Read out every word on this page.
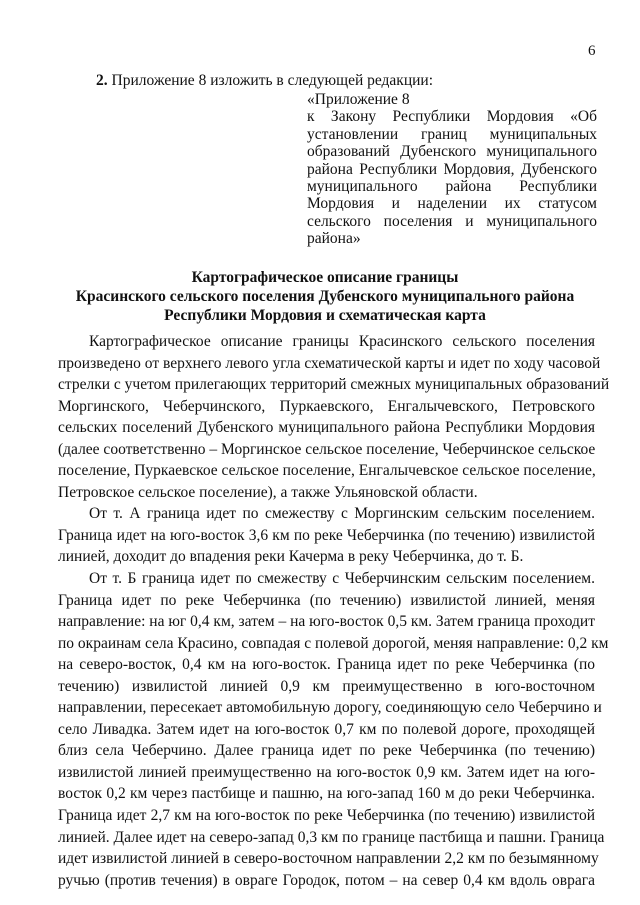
6
2. Приложение 8 изложить в следующей редакции:
«Приложение 8
к Закону Республики Мордовия «Об
установлении границ муниципальных
образований Дубенского муниципального
района Республики Мордовия, Дубенского
муниципального района Республики
Мордовия и наделении их статусом
сельского поселения и муниципального
района»
Картографическое описание границы
Красинского сельского поселения Дубенского муниципального района
Республики Мордовия и схематическая карта
Картографическое описание границы Красинского сельского поселения
произведено от верхнего левого угла схематической карты и идет по ходу часовой
стрелки с учетом прилегающих территорий смежных муниципальных образований
Моргинского, Чеберчинского, Пуркаевского, Енгалычевского, Петровского
сельских поселений Дубенского муниципального района Республики Мордовия
(далее соответственно – Моргинское сельское поселение, Чеберчинское сельское
поселение, Пуркаевское сельское поселение, Енгалычевское сельское поселение,
Петровское сельское поселение), а также Ульяновской области.
От т. А граница идет по смежеству с Моргинским сельским поселением.
Граница идет на юго-восток 3,6 км по реке Чеберчинка (по течению) извилистой
линией, доходит до впадения реки Качерма в реку Чеберчинка, до т. Б.
От т. Б граница идет по смежеству с Чеберчинским сельским поселением.
Граница идет по реке Чеберчинка (по течению) извилистой линией, меняя
направление: на юг 0,4 км, затем – на юго-восток 0,5 км. Затем граница проходит
по окраинам села Красино, совпадая с полевой дорогой, меняя направление: 0,2 км
на северо-восток, 0,4 км на юго-восток. Граница идет по реке Чеберчинка (по
течению) извилистой линией 0,9 км преимущественно в юго-восточном
направлении, пересекает автомобильную дорогу, соединяющую село Чеберчино и
село Ливадка. Затем идет на юго-восток 0,7 км по полевой дороге, проходящей
близ села Чеберчино. Далее граница идет по реке Чеберчинка (по течению)
извилистой линией преимущественно на юго-восток 0,9 км. Затем идет на юго-
восток 0,2 км через пастбище и пашню, на юго-запад 160 м до реки Чеберчинка.
Граница идет 2,7 км на юго-восток по реке Чеберчинка (по течению) извилистой
линией. Далее идет на северо-запад 0,3 км по границе пастбища и пашни. Граница
идет извилистой линией в северо-восточном направлении 2,2 км по безымянному
ручью (против течения) в овраге Городок, потом – на север 0,4 км вдоль оврага
